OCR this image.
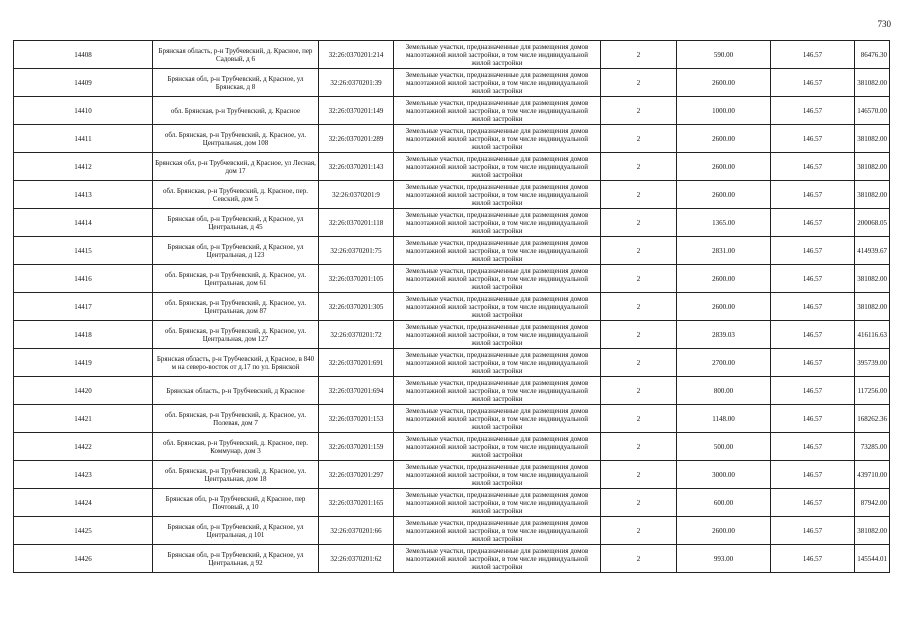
730
14408	Брянская область, р-н Трубчевский, д. Красное, пер Садовый, д 6	32:26:0370201:214	Земельные участки, предназначенные для размещения домов малоэтажной жилой застройки, в том числе индивидуальной жилой застройки	2	590.00	146.57	86476.30
14409	Брянская обл, р-н Трубчевский, д Красное, ул Брянская, д 8	32:26:0370201:39	Земельные участки, предназначенные для размещения домов малоэтажной жилой застройки, в том числе индивидуальной жилой застройки	2	2600.00	146.57	381082.00
14410	обл. Брянская, р-н Трубчевский, д. Красное	32:26:0370201:149	Земельные участки, предназначенные для размещения домов малоэтажной жилой застройки, в том числе индивидуальной жилой застройки	2	1000.00	146.57	146570.00
14411	обл. Брянская, р-н Трубчевский, д. Красное, ул. Центральная, дом 108	32:26:0370201:289	Земельные участки, предназначенные для размещения домов малоэтажной жилой застройки, в том числе индивидуальной жилой застройки	2	2600.00	146.57	381082.00
14412	Брянская обл, р-н Трубчевский, д Красное, ул Лесная, дом 17	32:26:0370201:143	Земельные участки, предназначенные для размещения домов малоэтажной жилой застройки, в том числе индивидуальной жилой застройки	2	2600.00	146.57	381082.00
14413	обл. Брянская, р-н Трубчевский, д. Красное, пер. Севский, дом 5	32:26:0370201:9	Земельные участки, предназначенные для размещения домов малоэтажной жилой застройки, в том числе индивидуальной жилой застройки	2	2600.00	146.57	381082.00
14414	Брянская обл, р-н Трубчевский, д Красное, ул Центральная, д 45	32:26:0370201:118	Земельные участки, предназначенные для размещения домов малоэтажной жилой застройки, в том числе индивидуальной жилой застройки	2	1365.00	146.57	200068.05
14415	Брянская обл, р-н Трубчевский, д Красное, ул Центральная, д 123	32:26:0370201:75	Земельные участки, предназначенные для размещения домов малоэтажной жилой застройки, в том числе индивидуальной жилой застройки	2	2831.00	146.57	414939.67
14416	обл. Брянская, р-н Трубчевский, д. Красное, ул. Центральная, дом 61	32:26:0370201:105	Земельные участки, предназначенные для размещения домов малоэтажной жилой застройки, в том числе индивидуальной жилой застройки	2	2600.00	146.57	381082.00
14417	обл. Брянская, р-н Трубчевский, д. Красное, ул. Центральная, дом 87	32:26:0370201:305	Земельные участки, предназначенные для размещения домов малоэтажной жилой застройки, в том числе индивидуальной жилой застройки	2	2600.00	146.57	381082.00
14418	обл. Брянская, р-н Трубчевский, д. Красное, ул. Центральная, дом 127	32:26:0370201:72	Земельные участки, предназначенные для размещения домов малоэтажной жилой застройки, в том числе индивидуальной жилой застройки	2	2839.03	146.57	416116.63
14419	Брянская область, р-н Трубчевский, д Красное, в 840 м на северо-восток от д.17 по ул. Брянской	32:26:0370201:691	Земельные участки, предназначенные для размещения домов малоэтажной жилой застройки, в том числе индивидуальной жилой застройки	2	2700.00	146.57	395739.00
14420	Брянская область, р-н Трубчевский, д Красное	32:26:0370201:694	Земельные участки, предназначенные для размещения домов малоэтажной жилой застройки, в том числе индивидуальной жилой застройки	2	800.00	146.57	117256.00
14421	обл. Брянская, р-н Трубчевский, д. Красное, ул. Полевая, дом 7	32:26:0370201:153	Земельные участки, предназначенные для размещения домов малоэтажной жилой застройки, в том числе индивидуальной жилой застройки	2	1148.00	146.57	168262.36
14422	обл. Брянская, р-н Трубчевский, д. Красное, пер. Коммунар, дом 3	32:26:0370201:159	Земельные участки, предназначенные для размещения домов малоэтажной жилой застройки, в том числе индивидуальной жилой застройки	2	500.00	146.57	73285.00
14423	обл. Брянская, р-н Трубчевский, д. Красное, ул. Центральная, дом 18	32:26:0370201:297	Земельные участки, предназначенные для размещения домов малоэтажной жилой застройки, в том числе индивидуальной жилой застройки	2	3000.00	146.57	439710.00
14424	Брянская обл, р-н Трубчевский, д Красное, пер Почтовый, д 10	32:26:0370201:165	Земельные участки, предназначенные для размещения домов малоэтажной жилой застройки, в том числе индивидуальной жилой застройки	2	600.00	146.57	87942.00
14425	Брянская обл, р-н Трубчевский, д Красное, ул Центральная, д 101	32:26:0370201:66	Земельные участки, предназначенные для размещения домов малоэтажной жилой застройки, в том числе индивидуальной жилой застройки	2	2600.00	146.57	381082.00
14426	Брянская обл, р-н Трубчевский, д Красное, ул Центральная, д 92	32:26:0370201:62	Земельные участки, предназначенные для размещения домов малоэтажной жилой застройки, в том числе индивидуальной жилой застройки	2	993.00	146.57	145544.01
